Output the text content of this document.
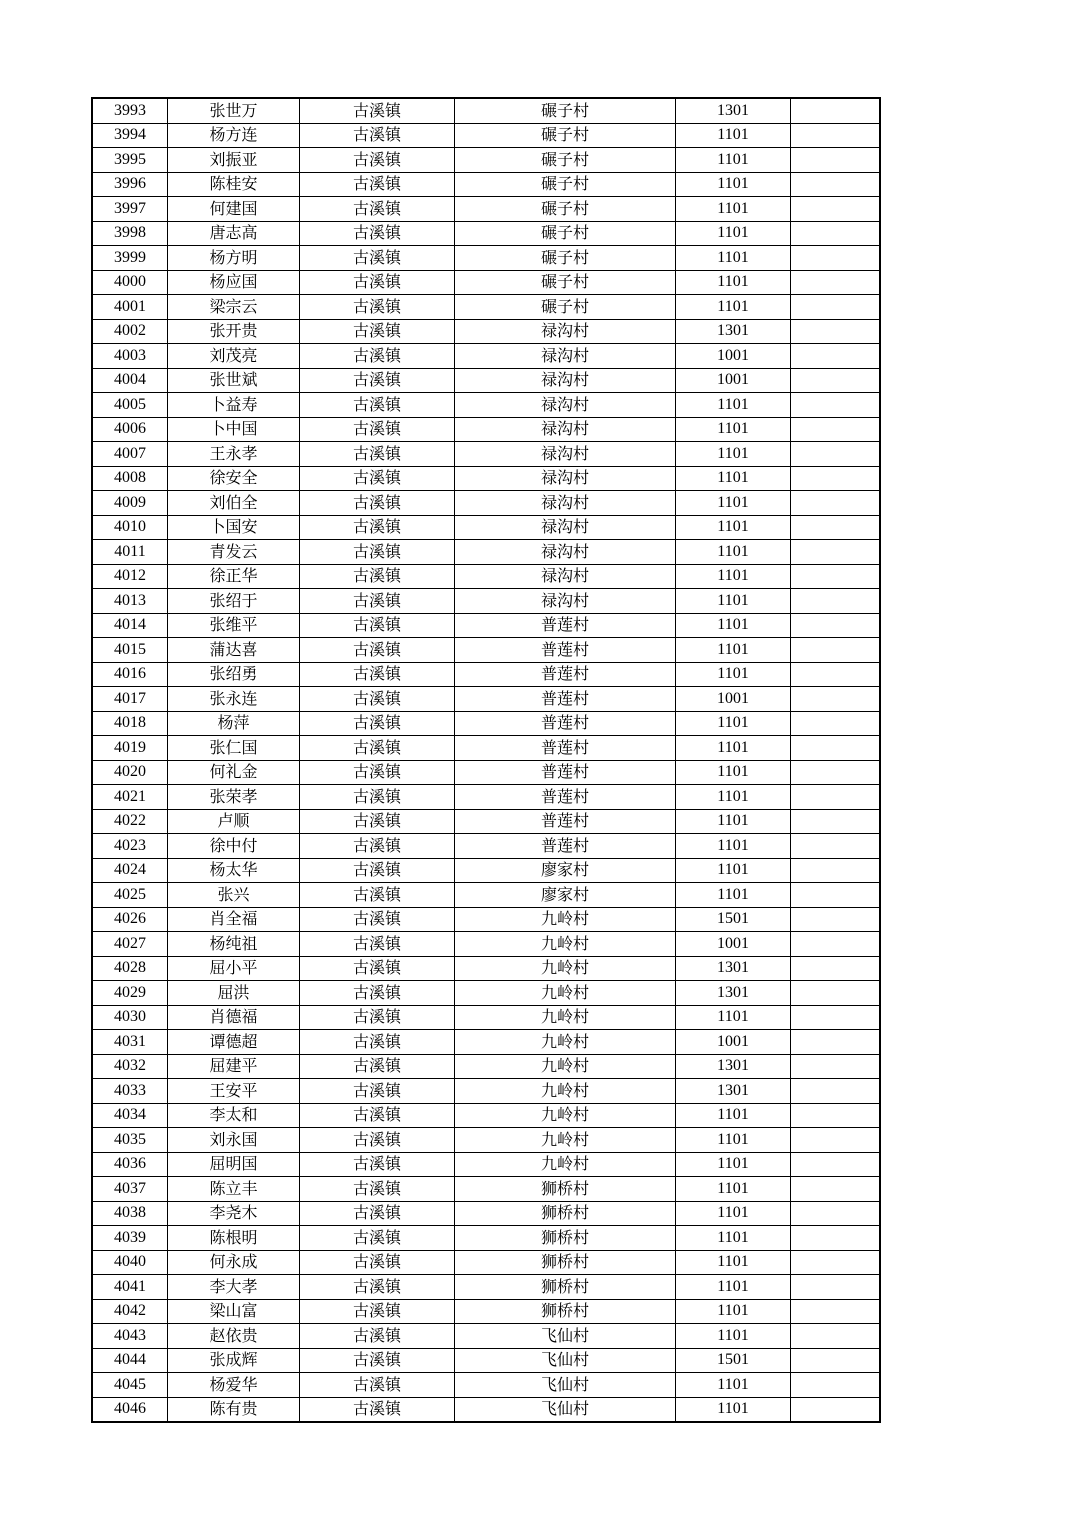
3993	张世万	古溪镇	碾子村	1301	
3994	杨方连	古溪镇	碾子村	1101	
3995	刘振亚	古溪镇	碾子村	1101	
3996	陈桂安	古溪镇	碾子村	1101	
3997	何建国	古溪镇	碾子村	1101	
3998	唐志高	古溪镇	碾子村	1101	
3999	杨方明	古溪镇	碾子村	1101	
4000	杨应国	古溪镇	碾子村	1101	
4001	梁宗云	古溪镇	碾子村	1101	
4002	张开贵	古溪镇	禄沟村	1301	
4003	刘茂亮	古溪镇	禄沟村	1001	
4004	张世斌	古溪镇	禄沟村	1001	
4005	卜益寿	古溪镇	禄沟村	1101	
4006	卜中国	古溪镇	禄沟村	1101	
4007	王永孝	古溪镇	禄沟村	1101	
4008	徐安全	古溪镇	禄沟村	1101	
4009	刘伯全	古溪镇	禄沟村	1101	
4010	卜国安	古溪镇	禄沟村	1101	
4011	青发云	古溪镇	禄沟村	1101	
4012	徐正华	古溪镇	禄沟村	1101	
4013	张绍于	古溪镇	禄沟村	1101	
4014	张维平	古溪镇	普莲村	1101	
4015	蒲达喜	古溪镇	普莲村	1101	
4016	张绍勇	古溪镇	普莲村	1101	
4017	张永连	古溪镇	普莲村	1001	
4018	杨萍	古溪镇	普莲村	1101	
4019	张仁国	古溪镇	普莲村	1101	
4020	何礼金	古溪镇	普莲村	1101	
4021	张荣孝	古溪镇	普莲村	1101	
4022	卢顺	古溪镇	普莲村	1101	
4023	徐中付	古溪镇	普莲村	1101	
4024	杨太华	古溪镇	廖家村	1101	
4025	张兴	古溪镇	廖家村	1101	
4026	肖全福	古溪镇	九岭村	1501	
4027	杨纯祖	古溪镇	九岭村	1001	
4028	屈小平	古溪镇	九岭村	1301	
4029	屈洪	古溪镇	九岭村	1301	
4030	肖德福	古溪镇	九岭村	1101	
4031	谭德超	古溪镇	九岭村	1001	
4032	屈建平	古溪镇	九岭村	1301	
4033	王安平	古溪镇	九岭村	1301	
4034	李太和	古溪镇	九岭村	1101	
4035	刘永国	古溪镇	九岭村	1101	
4036	屈明国	古溪镇	九岭村	1101	
4037	陈立丰	古溪镇	狮桥村	1101	
4038	李尧木	古溪镇	狮桥村	1101	
4039	陈根明	古溪镇	狮桥村	1101	
4040	何永成	古溪镇	狮桥村	1101	
4041	李大孝	古溪镇	狮桥村	1101	
4042	梁山富	古溪镇	狮桥村	1101	
4043	赵依贵	古溪镇	飞仙村	1101	
4044	张成辉	古溪镇	飞仙村	1501	
4045	杨爱华	古溪镇	飞仙村	1101	
4046	陈有贵	古溪镇	飞仙村	1101	
